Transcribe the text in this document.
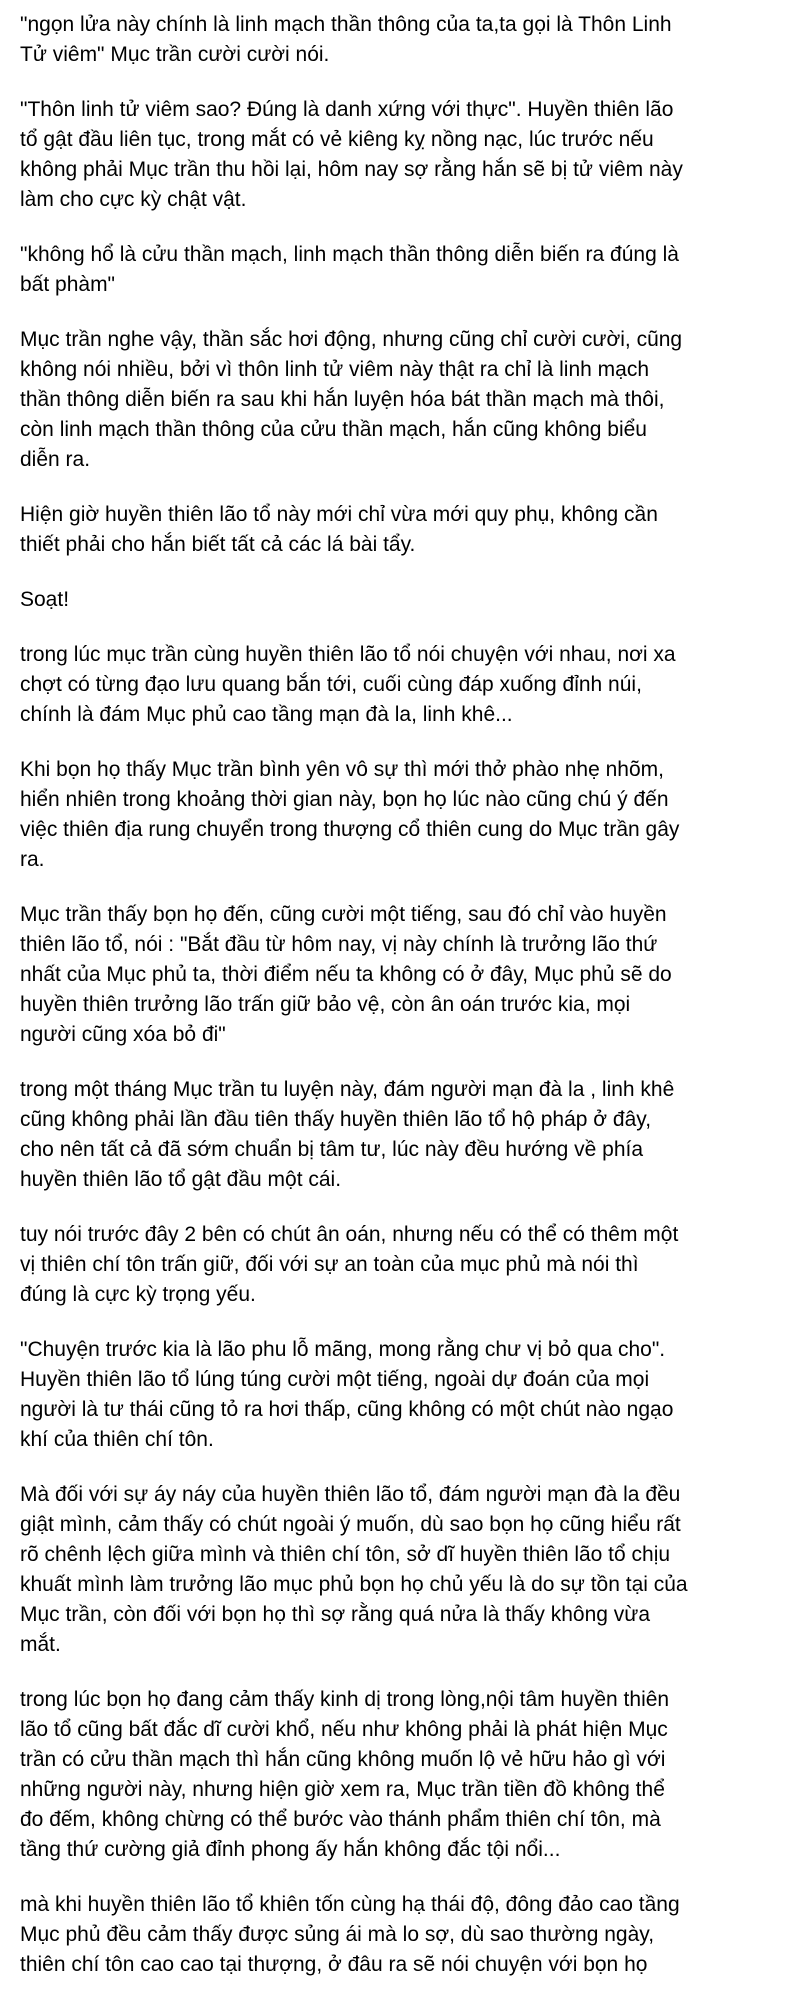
"ngọn lửa này chính là linh mạch thần thông của ta,ta gọi là Thôn Linh
Tử viêm" Mục trần cười cười nói.

"Thôn linh tử viêm sao? Đúng là danh xứng với thực". Huyền thiên lão
tổ gật đầu liên tục, trong mắt có vẻ kiêng kỵ nồng nạc, lúc trước nếu
không phải Mục trần thu hồi lại, hôm nay sợ rằng hắn sẽ bị tử viêm này
làm cho cực kỳ chật vật.

"không hổ là cửu thần mạch, linh mạch thần thông diễn biến ra đúng là
bất phàm"

Mục trần nghe vậy, thần sắc hơi động, nhưng cũng chỉ cười cười, cũng
không nói nhiều, bởi vì thôn linh tử viêm này thật ra chỉ là linh mạch
thần thông diễn biến ra sau khi hắn luyện hóa bát thần mạch mà thôi,
còn linh mạch thần thông của cửu thần mạch, hắn cũng không biểu
diễn ra.

Hiện giờ huyền thiên lão tổ này mới chỉ vừa mới quy phụ, không cần
thiết phải cho hắn biết tất cả các lá bài tẩy.

Soạt!

trong lúc mục trần cùng huyền thiên lão tổ nói chuyện với nhau, nơi xa
chợt có từng đạo lưu quang bắn tới, cuối cùng đáp xuống đỉnh núi,
chính là đám Mục phủ cao tầng mạn đà la, linh khê...

Khi bọn họ thấy Mục trần bình yên vô sự thì mới thở phào nhẹ nhõm,
hiển nhiên trong khoảng thời gian này, bọn họ lúc nào cũng chú ý đến
việc thiên địa rung chuyển trong thượng cổ thiên cung do Mục trần gây
ra.

Mục trần thấy bọn họ đến, cũng cười một tiếng, sau đó chỉ vào huyền
thiên lão tổ, nói : "Bắt đầu từ hôm nay, vị này chính là trưởng lão thứ
nhất của Mục phủ ta, thời điểm nếu ta không có ở đây, Mục phủ sẽ do
huyền thiên trưởng lão trấn giữ bảo vệ, còn ân oán trước kia, mọi
người cũng xóa bỏ đi"

trong một tháng Mục trần tu luyện này, đám người mạn đà la , linh khê
cũng không phải lần đầu tiên thấy huyền thiên lão tổ hộ pháp ở đây,
cho nên tất cả đã sớm chuẩn bị tâm tư, lúc này đều hướng về phía
huyền thiên lão tổ gật đầu một cái.

tuy nói trước đây 2 bên có chút ân oán, nhưng nếu có thể có thêm một
vị thiên chí tôn trấn giữ, đối với sự an toàn của mục phủ mà nói thì
đúng là cực kỳ trọng yếu.

"Chuyện trước kia là lão phu lỗ mãng, mong rằng chư vị bỏ qua cho".
Huyền thiên lão tổ lúng túng cười một tiếng, ngoài dự đoán của mọi
người là tư thái cũng tỏ ra hơi thấp, cũng không có một chút nào ngạo
khí của thiên chí tôn.

Mà đối với sự áy náy của huyền thiên lão tổ, đám người mạn đà la đều
giật mình, cảm thấy có chút ngoài ý muốn, dù sao bọn họ cũng hiểu rất
rõ chênh lệch giữa mình và thiên chí tôn, sở dĩ huyền thiên lão tổ chịu
khuất mình làm trưởng lão mục phủ bọn họ chủ yếu là do sự tồn tại của
Mục trần, còn đối với bọn họ thì sợ rằng quá nửa là thấy không vừa
mắt.

trong lúc bọn họ đang cảm thấy kinh dị trong lòng,nội tâm huyền thiên
lão tổ cũng bất đắc dĩ cười khổ, nếu như không phải là phát hiện Mục
trần có cửu thần mạch thì hắn cũng không muốn lộ vẻ hữu hảo gì với
những người này, nhưng hiện giờ xem ra, Mục trần tiền đồ không thể
đo đếm, không chừng có thể bước vào thánh phẩm thiên chí tôn, mà
tầng thứ cường giả đỉnh phong ấy hắn không đắc tội nổi...

mà khi huyền thiên lão tổ khiên tốn cùng hạ thái độ, đông đảo cao tầng
Mục phủ đều cảm thấy được sủng ái mà lo sợ, dù sao thường ngày,
thiên chí tôn cao cao tại thượng, ở đâu ra sẽ nói chuyện với bọn họ
